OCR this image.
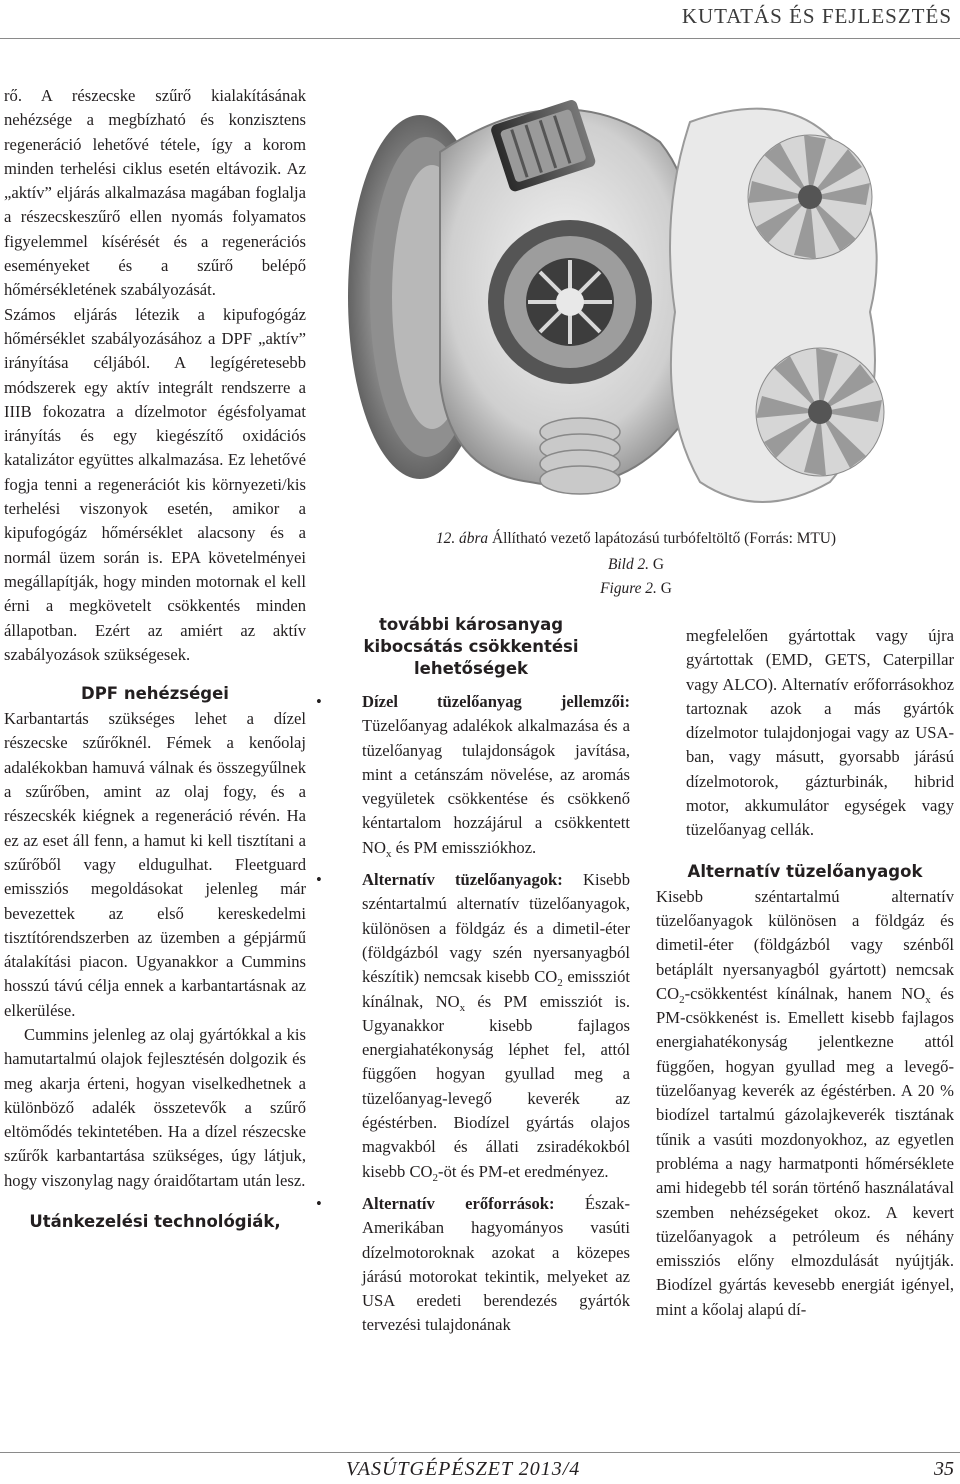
KUTATÁS ÉS FEJLESZTÉS

rő. A részecske szűrő kialakításának nehézsége a megbízható és konzisztens regeneráció lehetővé tétele, így a korom minden terhelési ciklus esetén eltávozik. Az „aktív” eljárás alkalmazása magában foglalja a részecskeszűrő ellen nyomás folyamatos figyelemmel kísérését és a regenerációs eseményeket és a szűrő belépő hőmérsékletének szabályozását.

Számos eljárás létezik a kipufogógáz hőmérséklet szabályozásához a DPF „aktív” irányítása céljából. A legígéretesebb módszerek egy aktív integrált rendszerre a IIIB fokozatra a dízelmotor égésfolyamat irányítás és egy kiegészítő oxidációs katalizátor együttes alkalmazása. Ez lehetővé fogja tenni a regenerációt kis környezeti/kis terhelési viszonyok esetén, amikor a kipufogógáz hőmérséklet alacsony és a normál üzem során is. EPA követelményei megállapítják, hogy minden motornak el kell érni a megkövetelt csökkentés minden állapotban. Ezért az amiért az aktív szabályozások szükségesek.

DPF nehézségei

Karbantartás szükséges lehet a dízel részecske szűrőknél. Fémek a kenőolaj adalékokban hamuvá válnak és összegyűlnek a szűrőben, amint az olaj fogy, és a részecskék kiégnek a regeneráció révén. Ha ez az eset áll fenn, a hamut ki kell tisztítani a szűrőből vagy eldugulhat. Fleetguard emissziós megoldásokat jelenleg már bevezettek az első kereskedelmi tisztítórendszerben az üzemben a gépjármű átalakítási piacon. Ugyanakkor a Cummins hosszú távú célja ennek a karbantartásnak az elkerülése.

Cummins jelenleg az olaj gyártókkal a kis hamutartalmú olajok fejlesztésén dolgozik és meg akarja érteni, hogyan viselkedhetnek a különböző adalék összetevők a szűrő eltömődés tekintetében. Ha a dízel részecske szűrők karbantartása szükséges, úgy látjuk, hogy viszonylag nagy óraidőtartam után lesz.

Utánkezelési technológiák,
12. ábra Állítható vezető lapátozású turbófeltöltő (Forrás: MTU)
Bild 2. G
Figure 2. G
további károsanyag kibocsátás csökkentési lehetőségek
• Dízel tüzelőanyag jellemzői: Tüzelőanyag adalékok alkalmazása és a tüzelőanyag tulajdonságok javítása, mint a cetánszám növelése, az aromás vegyületek csökkentése és csökkenő kéntartalom hozzájárul a csökkentett $NO_x$ és PM emissziókhoz.
• Alternatív tüzelőanyagok: Kisebb széntartalmú alternatív tüzelőanyagok, különösen a földgáz és a dimetil-éter (földgázból vagy szén nyersanyagból készítik) nemcsak kisebb $CO_2$ emissziót kínálnak, $NO_x$ és PM emissziót is. Ugyanakkor kisebb fajlagos energiahatékonyság léphet fel, attól függően hogyan gyullad meg a tüzelőanyag-levegő keverék az égéstérben. Biodízel gyártás olajos magvakból és állati zsiradékokból kisebb $CO_2-öt$ és PM-et eredményez.
• Alternatív erőforrások: Észak-Amerikában hagyományos vasúti dízelmotoroknak azokat a közepes járású motorokat tekintik, melyeket az USA eredeti berendezés gyártók tervezési tulajdonának

megfelelően gyártottak vagy újra gyártottak (EMD, GETS, Caterpillar vagy ALCO). Alternatív erőforrásokhoz tartoznak azok a más gyártók dízelmotor tulajdonjogai vagy az USA-ban, vagy másutt, gyorsabb járású dízelmotorok, gázturbinák, hibrid motor, akkumulátor egységek vagy tüzelőanyag cellák.

Alternatív tüzelőanyagok

Kisebb széntartalmú alternatív tüzelőanyagok különösen a földgáz és dimetil-éter (földgázból vagy szénből betáplált nyersanyagból gyártott) nemcsak $CO_2$-csökkentést kínálnak, hanem $NO_x$ és PM-csökkenést is. Emellett kisebb fajlagos energiahatékonyság jelentkezne attól függően, hogyan gyullad meg a levegő-tüzelőanyag keverék az égéstérben. A 20 % biodízel tartalmú gázolajkeverék tisztának tűnik a vasúti mozdonyokhoz, az egyetlen probléma a nagy harmatponti hőmérséklete ami hidegebb tél során történő használatával szemben nehézségeket okoz. A kevert tüzelőanyagok a petróleum és néhány emissziós előny elmozdulását nyújtják. Biodízel gyártás kevesebb energiát igényel, mint a kőolaj alapú dí-

VASÚTGÉPÉSZET 2013/4	35
